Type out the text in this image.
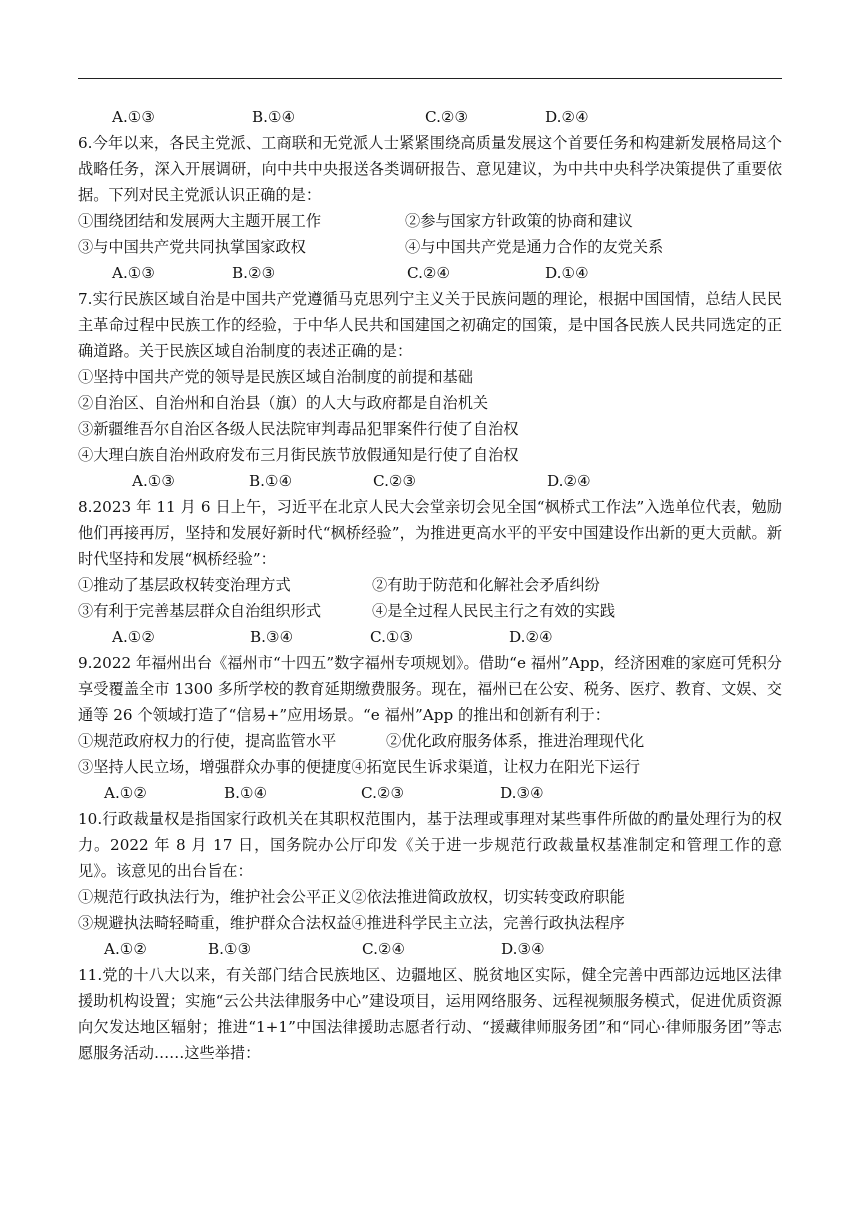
A.①③	B.①④	C.②③	D.②④
6.今年以来，各民主党派、工商联和无党派人士紧紧围绕高质量发展这个首要任务和构建新发展格局这个战略任务，深入开展调研，向中共中央报送各类调研报告、意见建议，为中共中央科学决策提供了重要依据。下列对民主党派认识正确的是：
①围绕团结和发展两大主题开展工作	②参与国家方针政策的协商和建议
③与中国共产党共同执掌国家政权	④与中国共产党是通力合作的友党关系
A.①③	B.②③	C.②④	D.①④
7.实行民族区域自治是中国共产党遵循马克思列宁主义关于民族问题的理论，根据中国国情，总结人民民主革命过程中民族工作的经验，于中华人民共和国建国之初确定的国策，是中国各民族人民共同选定的正确道路。关于民族区域自治制度的表述正确的是：
①坚持中国共产党的领导是民族区域自治制度的前提和基础
②自治区、自治州和自治县（旗）的人大与政府都是自治机关
③新疆维吾尔自治区各级人民法院审判毒品犯罪案件行使了自治权
④大理白族自治州政府发布三月街民族节放假通知是行使了自治权
A.①③	B.①④	C.②③	D.②④
8.2023 年 11 月 6 日上午，习近平在北京人民大会堂亲切会见全国“枫桥式工作法”入选单位代表，勉励他们再接再厉，坚持和发展好新时代“枫桥经验”，为推进更高水平的平安中国建设作出新的更大贡献。新时代坚持和发展“枫桥经验”：
①推动了基层政权转变治理方式	②有助于防范和化解社会矛盾纠纷
③有利于完善基层群众自治组织形式	④是全过程人民民主行之有效的实践
A.①②	B.③④	C.①③	D.②④
9.2022 年福州出台《福州市“十四五”数字福州专项规划》。借助“e 福州”App，经济困难的家庭可凭积分享受覆盖全市 1300 多所学校的教育延期缴费服务。现在，福州已在公安、税务、医疗、教育、文娱、交通等 26 个领域打造了“信易+”应用场景。“e 福州”App 的推出和创新有利于：
①规范政府权力的行使，提高监管水平	②优化政府服务体系，推进治理现代化
③坚持人民立场，增强群众办事的便捷度④拓宽民生诉求渠道，让权力在阳光下运行
A.①②	B.①④	C.②③	D.③④
10.行政裁量权是指国家行政机关在其职权范围内，基于法理或事理对某些事件所做的酌量处理行为的权力。2022 年 8 月 17 日，国务院办公厅印发《关于进一步规范行政裁量权基准制定和管理工作的意见》。该意见的出台旨在：
①规范行政执法行为，维护社会公平正义②依法推进简政放权，切实转变政府职能
③规避执法畸轻畸重，维护群众合法权益④推进科学民主立法，完善行政执法程序
A.①②	B.①③	C.②④	D.③④
11.党的十八大以来，有关部门结合民族地区、边疆地区、脱贫地区实际，健全完善中西部边远地区法律援助机构设置；实施“云公共法律服务中心”建设项目，运用网络服务、远程视频服务模式，促进优质资源向欠发达地区辐射；推进“1+1”中国法律援助志愿者行动、“援藏律师服务团”和“同心·律师服务团”等志愿服务活动……这些举措：
